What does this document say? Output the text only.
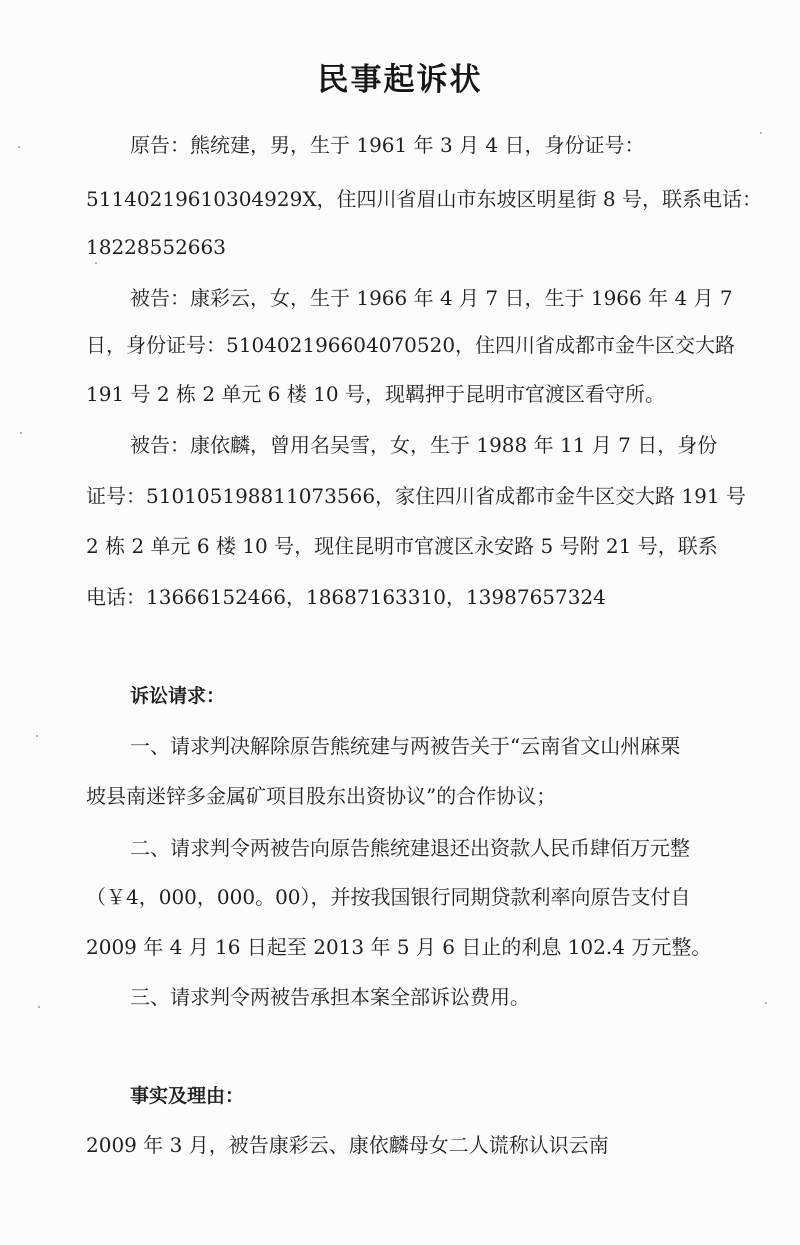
民事起诉状
原告：熊统建，男，生于 1961 年 3 月 4 日，身份证号：
51140219610304929X，住四川省眉山市东坡区明星街 8 号，联系电话：
18228552663
被告：康彩云，女，生于 1966 年 4 月 7 日，生于 1966 年 4 月 7
日，身份证号：510402196604070520，住四川省成都市金牛区交大路
191 号 2 栋 2 单元 6 楼 10 号，现羁押于昆明市官渡区看守所。
被告：康依麟，曾用名吴雪，女，生于 1988 年 11 月 7 日，身份
证号：510105198811073566，家住四川省成都市金牛区交大路 191 号
2 栋 2 单元 6 楼 10 号，现住昆明市官渡区永安路 5 号附 21 号，联系
电话：13666152466，18687163310，13987657324
诉讼请求：
一、请求判决解除原告熊统建与两被告关于“云南省文山州麻栗
坡县南迷锌多金属矿项目股东出资协议”的合作协议；
二、请求判令两被告向原告熊统建退还出资款人民币肆佰万元整
（￥4，000，000。00），并按我国银行同期贷款利率向原告支付自
2009 年 4 月 16 日起至 2013 年 5 月 6 日止的利息 102.4 万元整。
三、请求判令两被告承担本案全部诉讼费用。
事实及理由：
2009 年 3 月，被告康彩云、康依麟母女二人谎称认识云南
